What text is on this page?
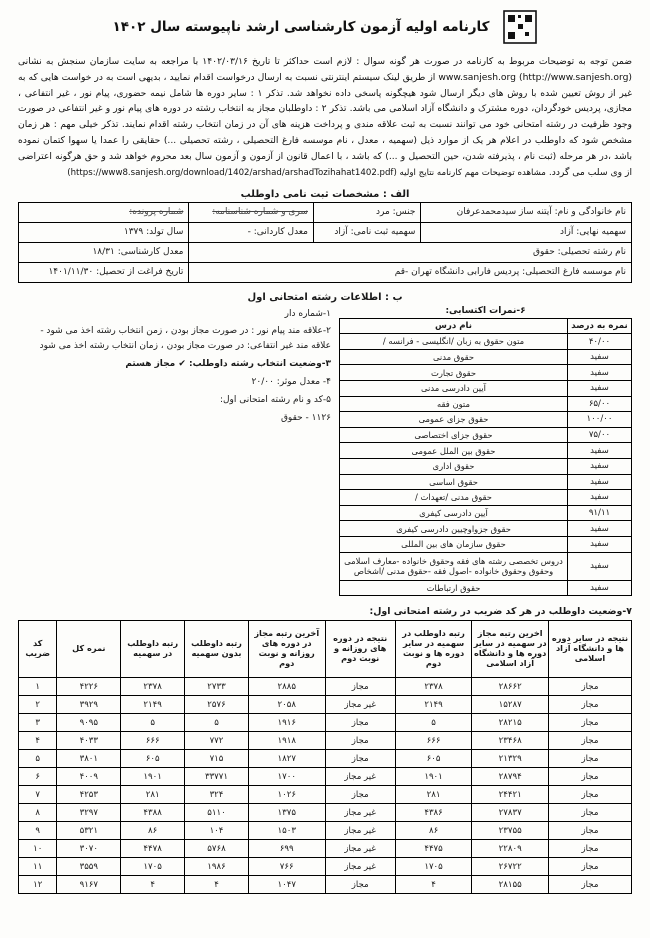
کارنامه اولیه آزمون کارشناسی ارشد ناپیوسته سال ۱۴۰۲
ضمن توجه به توضیحات مربوط به کارنامه در صورت هر گونه سوال : لازم است حداکثر تا تاریخ ۱۴۰۲/۰۳/۱۶ با مراجعه به سایت سازمان سنجش به نشانی www.sanjesh.org (http://www.sanjesh.org) از طریق لینک سیستم اینترنتی نسبت به ارسال درخواست اقدام نمایید ، بدیهی است به در خواست هایی که به غیر از روش تعیین شده با روش های دیگر ارسال شود هیچگونه پاسخی داده نخواهد شد. تذکر ۱ : سایر دوره ها شامل نیمه حضوری، پیام نور ، غیر انتفاعی ، مجازی، پردیس خودگردان، دوره مشترک و دانشگاه آزاد اسلامی می باشد. تذکر ۲ : داوطلبان مجاز به انتخاب رشته در دوره های پیام نور و غیر انتفاعی در صورت وجود ظرفیت در رشته امتحانی خود می توانند نسبت به ثبت علاقه مندی و پرداخت هزینه های آن در زمان انتخاب رشته اقدام نمایند. تذکر خیلی مهم : هر زمان مشخص شود که داوطلب در اعلام هر یک از موارد ذیل (سهمیه ، معدل ، نام موسسه فارغ التحصیلی ، رشته تحصیلی ...) حقایقی را عمدا یا سهوا کتمان نموده باشد ،در هر مرحله (ثبت نام ، پذیرفته شدن، حین التحصیل و ...) که باشد ، با اعمال قانون از آزمون و آزمون سال بعد محروم خواهد شد و حق هرگونه اعتراضی از وی سلب می گردد. مشاهده توضیحات مهم کارنامه نتایج اولیه (https://www8.sanjesh.org/download/1402/arshad/arshadTozihahat1402.pdf)
الف : مشخصات ثبت نامی داوطلب
نام خانوادگی و نام: آیتنه ساز سیدمحمدعرفان	جنس: مرد	سری و شماره شناسنامه:	شماره پرونده:
سهمیه نهایی: آزاد	سهمیه ثبت نامی: آزاد	معدل کاردانی: -	سال تولد: ۱۳۷۹
نام رشته تحصیلی: حقوق			معدل کارشناسی: ۱۸/۳۱
نام موسسه فارغ التحصیلی: پردیس فارابی دانشگاه تهران -قم			تاریخ فراغت از تحصیل: ۱۴۰۱/۱۱/۳۰
ب : اطلاعات رشته امتحانی اول
۶-نمرات اکتسابی:
نمره به درصد	نام درس
۴۰/۰۰	متون حقوق به زبان /انگلیسی - فرانسه /
سفید	حقوق مدنی
سفید	حقوق تجارت
سفید	آیین دادرسی مدنی
۶۵/۰۰	متون فقه
۱۰۰/۰۰	حقوق جزای عمومی
۷۵/۰۰	حقوق جزای اختصاصی
سفید	حقوق بین الملل عمومی
سفید	حقوق اداری
سفید	حقوق اساسی
سفید	حقوق مدنی /تعهدات /
۹۱/۱۱	آیین دادرسی کیفری
سفید	حقوق جزواوچیین دادرسی کیفری
سفید	حقوق سازمان های بین المللی
سفید	دروس تخصصی رشته های فقه وحقوق خانواده -معارف اسلامی وحقوق وحقوق خانواده -اصول فقه -حقوق مدنی /اشخاص
سفید	حقوق ارتباطات
۱-شماره دار
۲-علاقه مند پیام نور : در صورت مجاز بودن ، زمن انتخاب رشته اخذ می شود - علاقه مند غیر انتفاعی: در صورت مجاز بودن ، زمان انتخاب رشته اخذ می شود
۳-وضعیت انتخاب رشته داوطلب: ✔ مجاز هستم
۴- معدل موثر: ۲۰/۰۰
۵-کد و نام رشته امتحانی اول:
۱۱۲۶ - حقوق
۷-وضعیت داوطلب در هر کد ضریب در رشته امتحانی اول:
نتیجه در سایر دوره ها و دانشگاه آزاد اسلامی	اخرین رتبه مجاز در سهمیه در سایر دوره ها و دانشگاه آزاد اسلامی	رتبه داوطلب در سهمیه در سایر دوره ها و نوبت دوم	نتیجه در دوره های روزانه و نوبت دوم	آخرین رتبه مجاز در دوره های روزانه و نوبت دوم	رتبه داوطلب بدون سهمیه	رتبه داوطلب در سهمیه	نمره کل	کد ضریب
مجاز	۲۸۶۶۲	۲۳۷۸	مجاز	۲۸۸۵	۲۷۳۳	۲۳۷۸	۴۲۲۶	۱
مجاز	۱۵۲۸۷	۲۱۴۹	غیر مجاز	۲۰۵۸	۲۵۷۶	۲۱۴۹	۳۹۲۹	۲
مجاز	۲۸۲۱۵	۵	مجاز	۱۹۱۶	۵	۵	۹۰۹۵	۳
مجاز	۲۳۴۶۸	۶۶۶	مجاز	۱۹۱۸	۷۷۲	۶۶۶	۴۰۳۳	۴
مجاز	۲۱۳۲۹	۶۰۵	مجاز	۱۸۲۷	۷۱۵	۶۰۵	۳۸۰۱	۵
مجاز	۲۸۷۹۴	۱۹۰۱	غیر مجاز	۱۷۰۰	۳۳۷۷۱	۱۹۰۱	۴۰۰۹	۶
مجاز	۲۴۴۲۱	۲۸۱	مجاز	۱۰۲۶	۳۲۴	۲۸۱	۴۲۵۳	۷
مجاز	۲۷۸۳۷	۴۳۸۶	غیر مجاز	۱۳۷۵	۵۱۱۰	۴۳۸۸	۳۲۹۷	۸
مجاز	۲۳۷۵۵	۸۶	غیر مجاز	۱۵۰۳	۱۰۴	۸۶	۵۳۲۱	۹
مجاز	۲۲۸۰۹	۴۴۷۵	غیر مجاز	۶۹۹	۵۷۶۸	۴۴۷۸	۳۰۷۰	۱۰
مجاز	۲۶۷۲۲	۱۷۰۵	غیر مجاز	۷۶۶	۱۹۸۶	۱۷۰۵	۳۵۵۹	۱۱
مجاز	۲۸۱۵۵	۴	مجاز	۱۰۴۷	۴	۴	۹۱۶۷	۱۲
